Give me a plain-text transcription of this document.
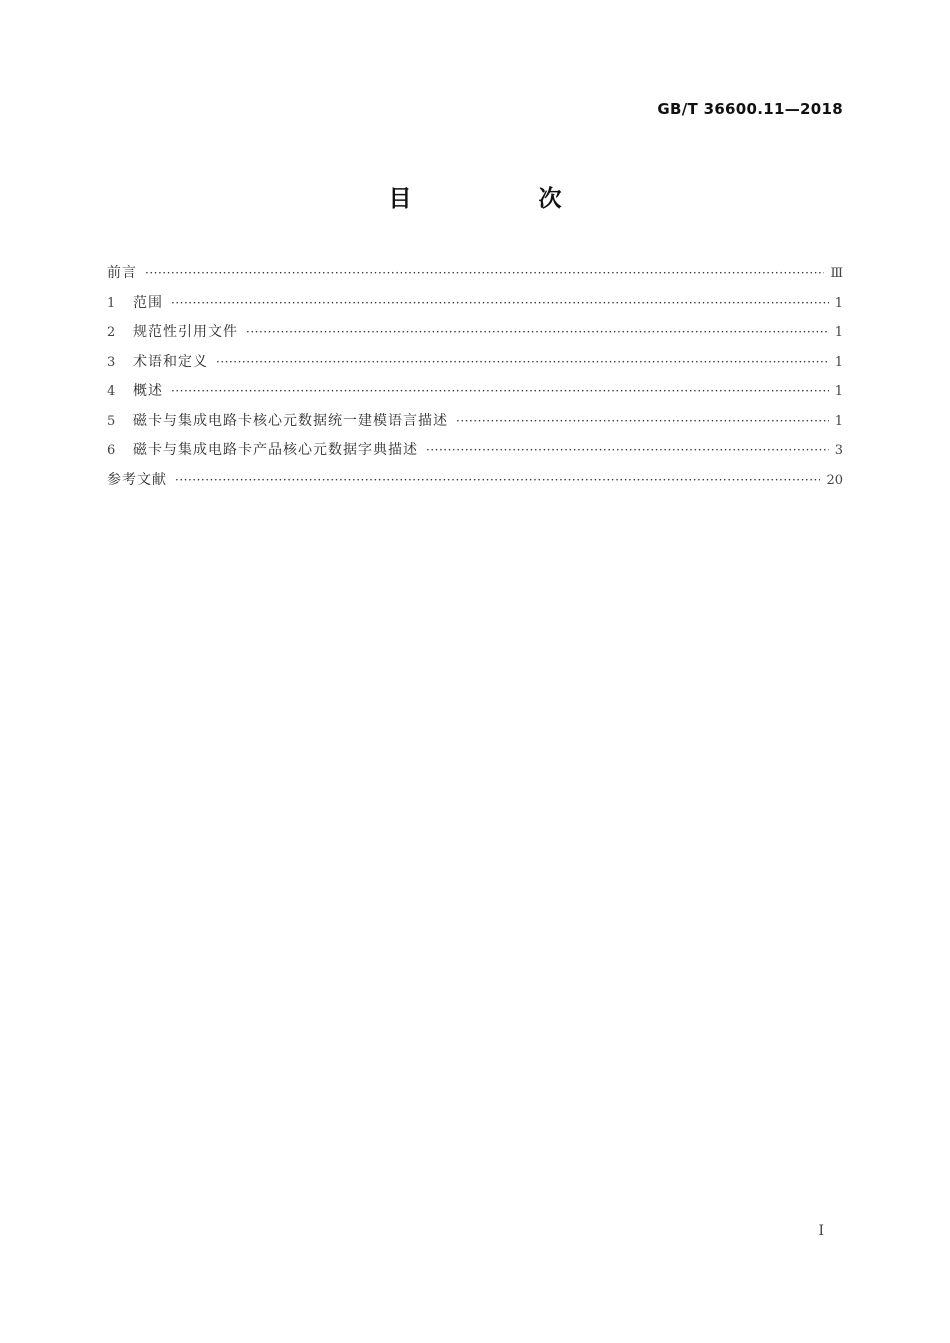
GB/T 36600.11—2018
目　次
前言 ·····	Ⅲ
1	范围 ·····	1
2	规范性引用文件 ·····	1
3	术语和定义 ·····	1
4	概述 ·····	1
5	磁卡与集成电路卡核心元数据统一建模语言描述 ·····	1
6	磁卡与集成电路卡产品核心元数据字典描述 ·····	3
参考文献 ·····	20
Ⅰ
